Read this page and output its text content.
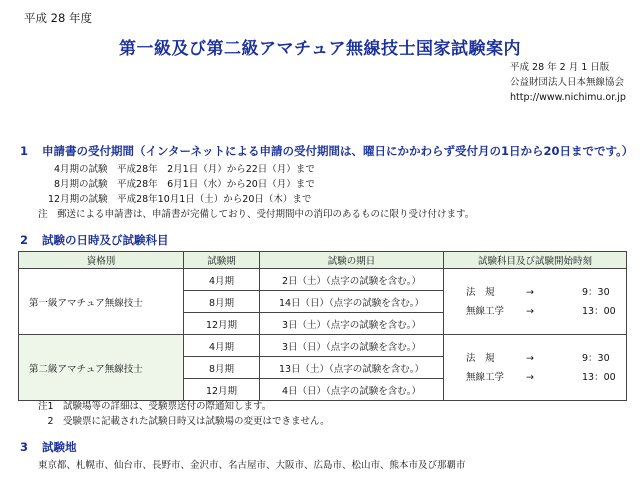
平成 28 年度
第一級及び第二級アマチュア無線技士国家試験案内
平成 28 年 2 月 1 日版
公益財団法人日本無線協会
http://www.nichimu.or.jp
1 申請書の受付期間（インターネットによる申請の受付期間は、曜日にかかわらず受付月の1日から20日までです。）
4月期の試験　平成28年　2月1日（月）から22日（月）まで
8月期の試験　平成28年　6月1日（水）から20日（月）まで
12月期の試験　平成28年10月1日（土）から20日（木）まで
注　郵送による申請書は、申請書が完備しており、受付期間中の消印のあるものに限り受け付けます。
2 試験の日時及び試験科目
資格別	試験期	試験の期日	試験科目及び試験開始時刻
第一級アマチュア無線技士	4月期	2日（土）（点字の試験を含む。）	法　規 → 9：30
無線工学 → 13：00

	8月期	14日（日）（点字の試験を含む。）	
	12月期	3日（土）（点字の試験を含む。）	
第二級アマチュア無線技士	4月期	3日（日）（点字の試験を含む。）	法　規 → 9：30
無線工学 → 13：00

	8月期	13日（土）（点字の試験を含む。）	
	12月期	4日（日）（点字の試験を含む。）	
注1　試験場等の詳細は、受験票送付の際通知します。
　2　受験票に記載された試験日時又は試験場の変更はできません。
3 試験地
東京都、札幌市、仙台市、長野市、金沢市、名古屋市、大阪市、広島市、松山市、熊本市及び那覇市
